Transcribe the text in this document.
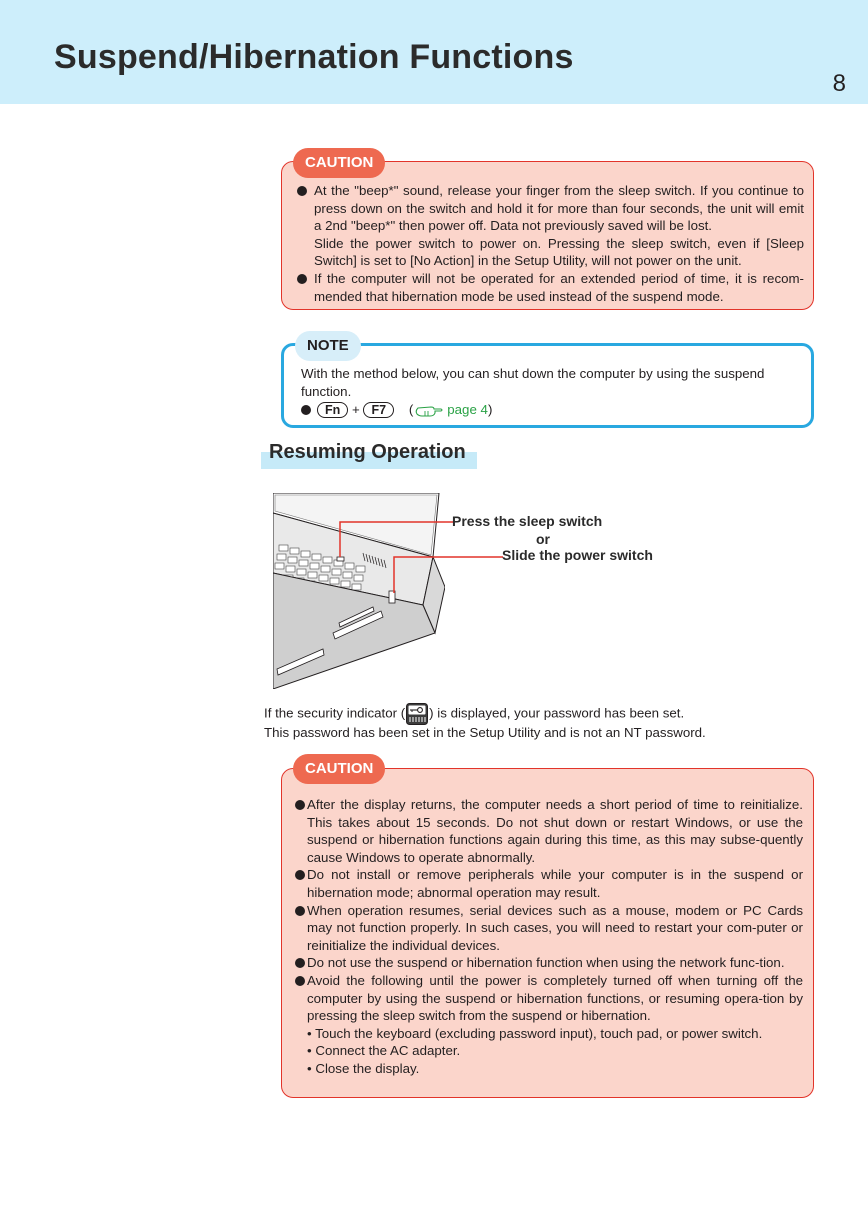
Suspend/Hibernation Functions
8
CAUTION
At the "beep*" sound, release your finger from the sleep switch. If you continue to press down on the switch and hold it for more than four seconds, the unit will emit a 2nd "beep*" then power off. Data not previously saved will be lost.
Slide the power switch to power on. Pressing the sleep switch, even if [Sleep Switch] is set to [No Action] in the Setup Utility, will not power on the unit.
If the computer will not be operated for an extended period of time, it is recom-mended that hibernation mode be used instead of the suspend mode.
NOTE
With the method below, you can shut down the computer by using the suspend function.
Fn + F7 (	page 4)
Resuming Operation
Press the sleep switch
or
Slide the power switch
If the security indicator ( ) is displayed, your password has been set.
This password has been set in the Setup Utility and is not an NT password.
CAUTION
After the display returns, the computer needs a short period of time to reinitialize. This takes about 15 seconds. Do not shut down or restart Windows, or use the suspend or hibernation functions again during this time, as this may subse-quently cause Windows to operate abnormally.
Do not install or remove peripherals while your computer is in the suspend or hibernation mode; abnormal operation may result.
When operation resumes, serial devices such as a mouse, modem or PC Cards may not function properly. In such cases, you will need to restart your com-puter or reinitialize the individual devices.
Do not use the suspend or hibernation function when using the network func-tion.
Avoid the following until the power is completely turned off when turning off the computer by using the suspend or hibernation functions, or resuming opera-tion by pressing the sleep switch from the suspend or hibernation.
• Touch the keyboard (excluding password input), touch pad, or power switch.
• Connect the AC adapter.
• Close the display.
